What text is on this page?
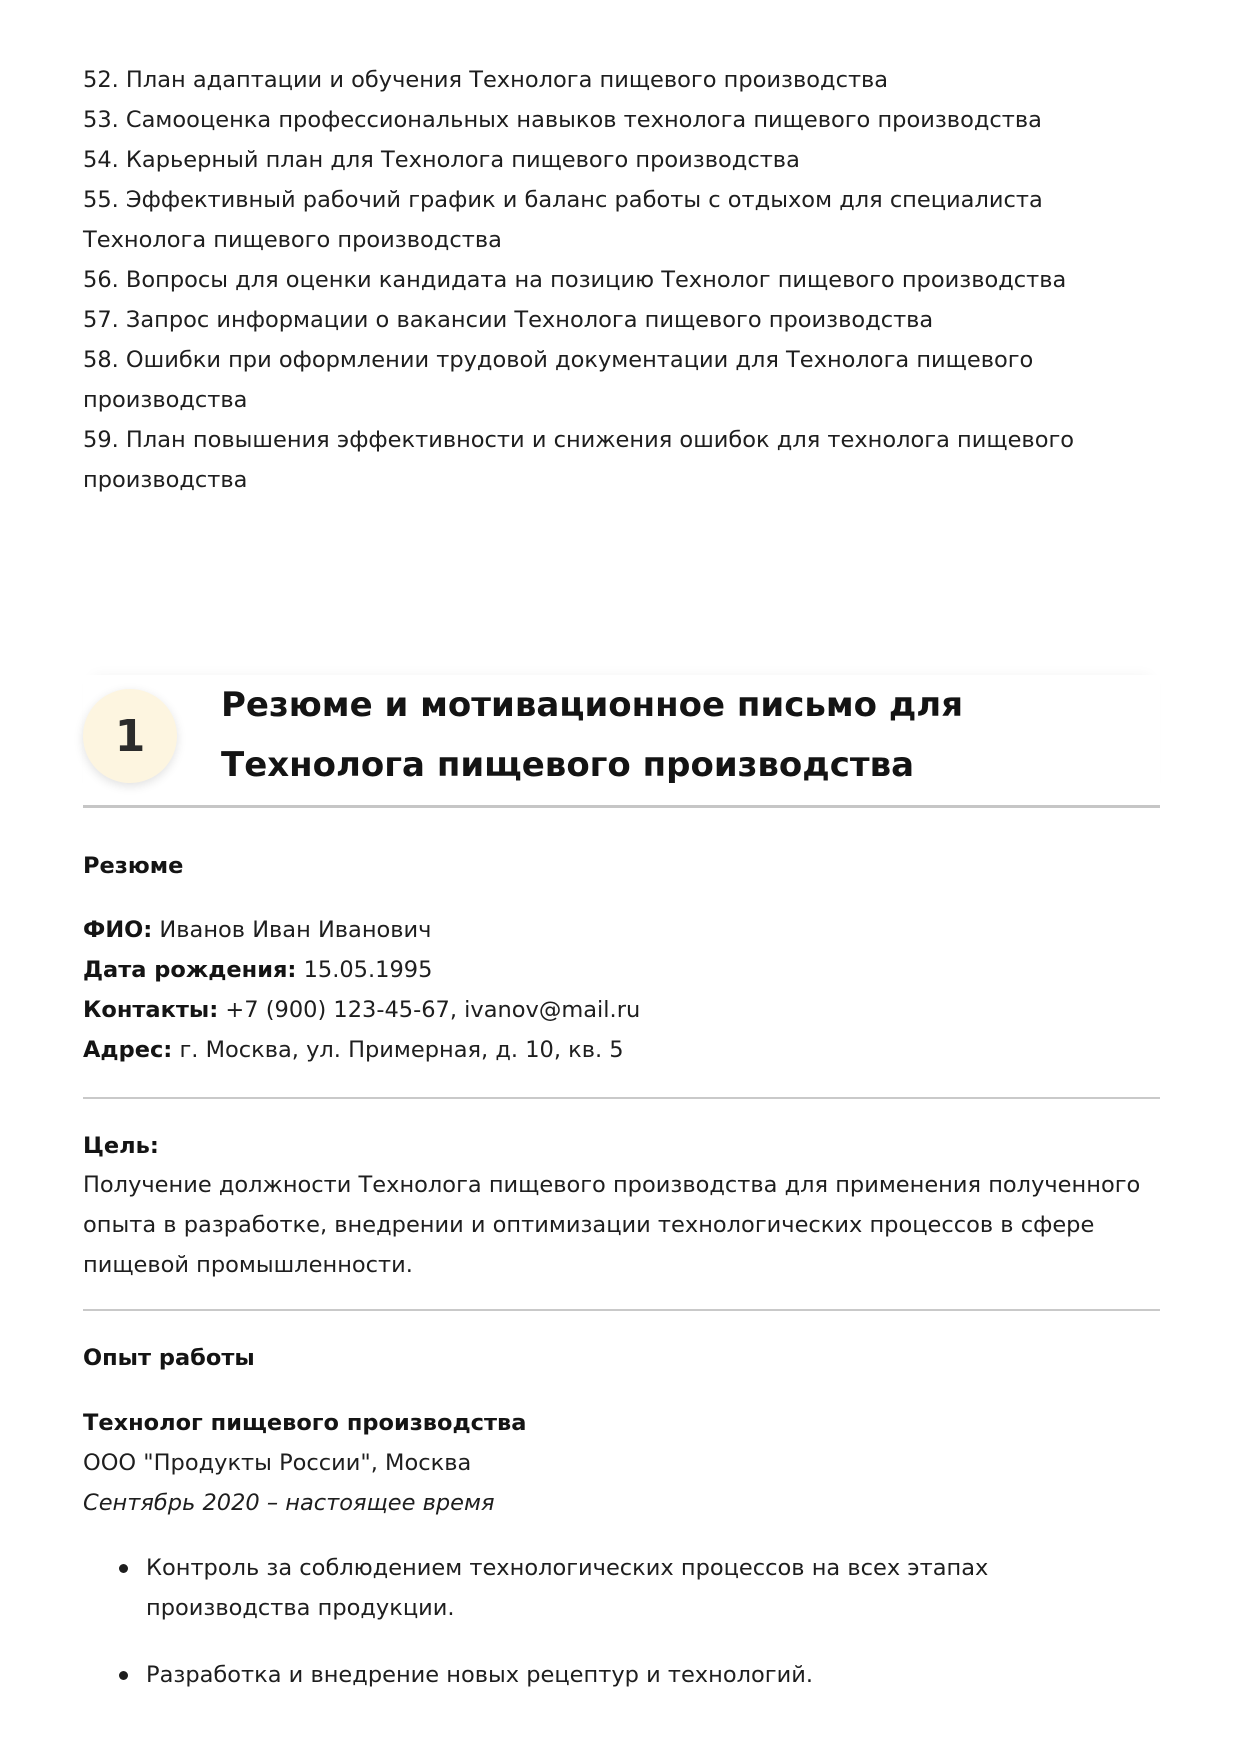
52. План адаптации и обучения Технолога пищевого производства
53. Самооценка профессиональных навыков технолога пищевого производства
54. Карьерный план для Технолога пищевого производства
55. Эффективный рабочий график и баланс работы с отдыхом для специалиста Технолога пищевого производства
56. Вопросы для оценки кандидата на позицию Технолог пищевого производства
57. Запрос информации о вакансии Технолога пищевого производства
58. Ошибки при оформлении трудовой документации для Технолога пищевого производства
59. План повышения эффективности и снижения ошибок для технолога пищевого производства
1
Резюме и мотивационное письмо для Технолога пищевого производства
Резюме
ФИО: Иванов Иван Иванович
Дата рождения: 15.05.1995
Контакты: +7 (900) 123-45-67, ivanov@mail.ru
Адрес: г. Москва, ул. Примерная, д. 10, кв. 5
Цель:

Получение должности Технолога пищевого производства для применения полученного опыта в разработке, внедрении и оптимизации технологических процессов в сфере пищевой промышленности.

Опыт работы

Технолог пищевого производства

ООО "Продукты России", Москва

Сентябрь 2020 – настоящее время

Контроль за соблюдением технологических процессов на всех этапах производства продукции.
Разработка и внедрение новых рецептур и технологий.
